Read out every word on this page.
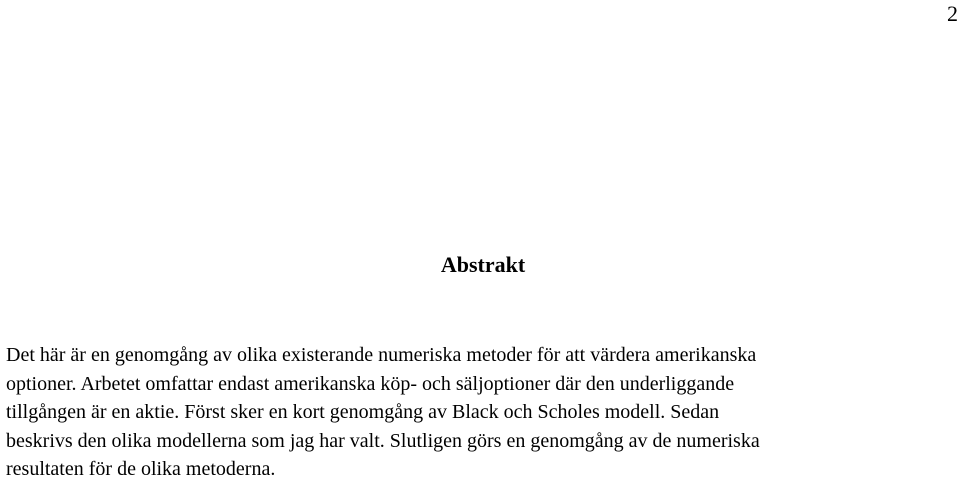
2
Abstrakt
Det här är en genomgång av olika existerande numeriska metoder för att värdera amerikanska
optioner. Arbetet omfattar endast amerikanska köp- och säljoptioner där den underliggande
tillgången är en aktie. Först sker en kort genomgång av Black och Scholes modell. Sedan
beskrivs den olika modellerna som jag har valt. Slutligen görs en genomgång av de numeriska
resultaten för de olika metoderna.
